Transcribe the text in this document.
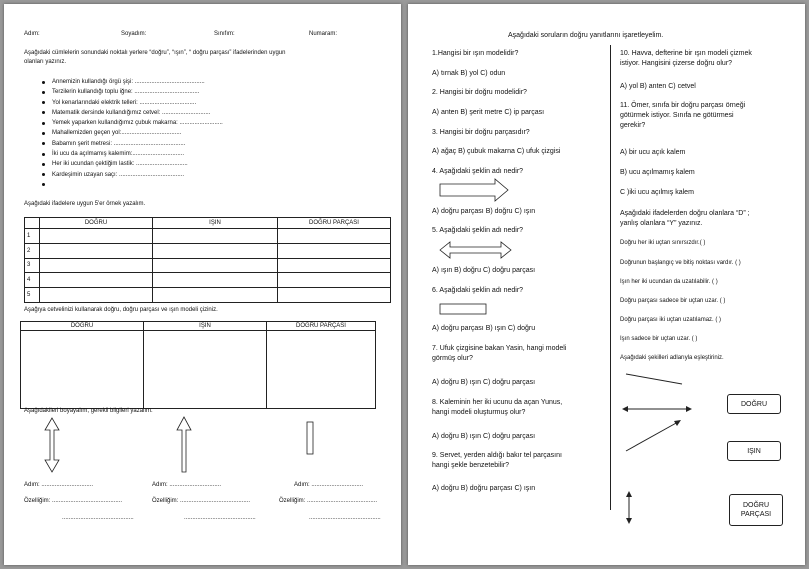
Adım:	Soyadım:	Sınıfım:	Numaram:
Aşağıdaki cümlelerin sonundaki noktalı yerlere “doğru”, “ışın”, “ doğru parçası” ifadelerinden uygun
olanları yazınız.
Annemizin kullandığı örgü şişi: ..........................................
Terzilerin kullandığı toplu iğne: .......................................
Yol kenarlarındaki elektrik telleri: ..................................
Matematik dersinde kullandığımız cetvel: .............................
Yemek yaparken kullandığımız çubuk makarna: ..........................
Mahallemizden geçen yol:....................................
Babamın şerit metresi: ...........................................
İki ucu da açılmamış kalemim:...............................
Her iki ucundan çektiğim lastik: ...............................
Kardeşimin uzayan saçı: .......................................
Aşağıdaki ifadelere uygun 5'er örnek yazalım.
	DOĞRU	IŞIN	DOĞRU PARÇASI
1			
2			
3			
4			
5			
Aşağıya cetvelinizi kullanarak doğru, doğru parçası ve ışın modeli çiziniz.
DOĞRU	IŞIN	DOĞRU PARÇASI

Aşağıdakileri boyayalım, gerekli bilgileri yazalım.
Adım: ...............................	Adım: ...............................	Adım: ...............................
Özelliğim: ..........................................	Özelliğim: ..........................................	Özelliğim: ..........................................
...........................................	...........................................	...........................................
Aşağıdaki soruların doğru yanıtlarını işaretleyelim.
1.Hangisi bir ışın modelidir?
A) tırnak B) yol C) odun
2. Hangisi bir doğru modelidir?
A) anten B) şerit metre C) ip parçası
3. Hangisi bir doğru parçasıdır?
A) ağaç B) çubuk makarna C) ufuk çizgisi
4. Aşağıdaki şeklin adı nedir?
A) doğru parçası B) doğru C) ışın
5. Aşağıdaki şeklin adı nedir?
A) ışın B) doğru C) doğru parçası
6. Aşağıdaki şeklin adı nedir?
A) doğru parçası B) ışın C) doğru
7. Ufuk çizgisine bakan Yasin, hangi modeli
görmüş olur?
A) doğru B) ışın C) doğru parçası
8. Kaleminin her iki ucunu da açan Yunus,
hangi modeli oluşturmuş olur?
A) doğru B) ışın C) doğru parçası
9. Servet, yerden aldığı bakır tel parçasını
hangi şekle benzetebilir?
A) doğru B) doğru parçası C) ışın
10. Havva, defterine bir ışın modeli çizmek
istiyor. Hangisini çizerse doğru olur?
A) yol B) anten C) cetvel
11. Ömer, sınıfa bir doğru parçası örneği
götürmek istiyor. Sınıfa ne götürmesi
gerekir?
A) bir ucu açık kalem
B) ucu açılmamış kalem
C )iki ucu açılmış kalem
Aşağıdaki ifadelerden doğru olanlara “D” ;
yanlış olanlara “Y” yazınız.
Doğru her iki uçtan sınırsızdır.( )
Doğrunun başlangıç ve bitiş noktası vardır. ( )
Işın her iki ucundan da uzatılabilir. ( )
Doğru parçası sadece bir uçtan uzar. ( )
Doğru parçası iki uçtan uzatılamaz. ( )
Işın sadece bir uçtan uzar. ( )
Aşağıdaki şekilleri adlarıyla eşleştiriniz.
DOĞRU
IŞIN
DOĞRU
PARÇASI
